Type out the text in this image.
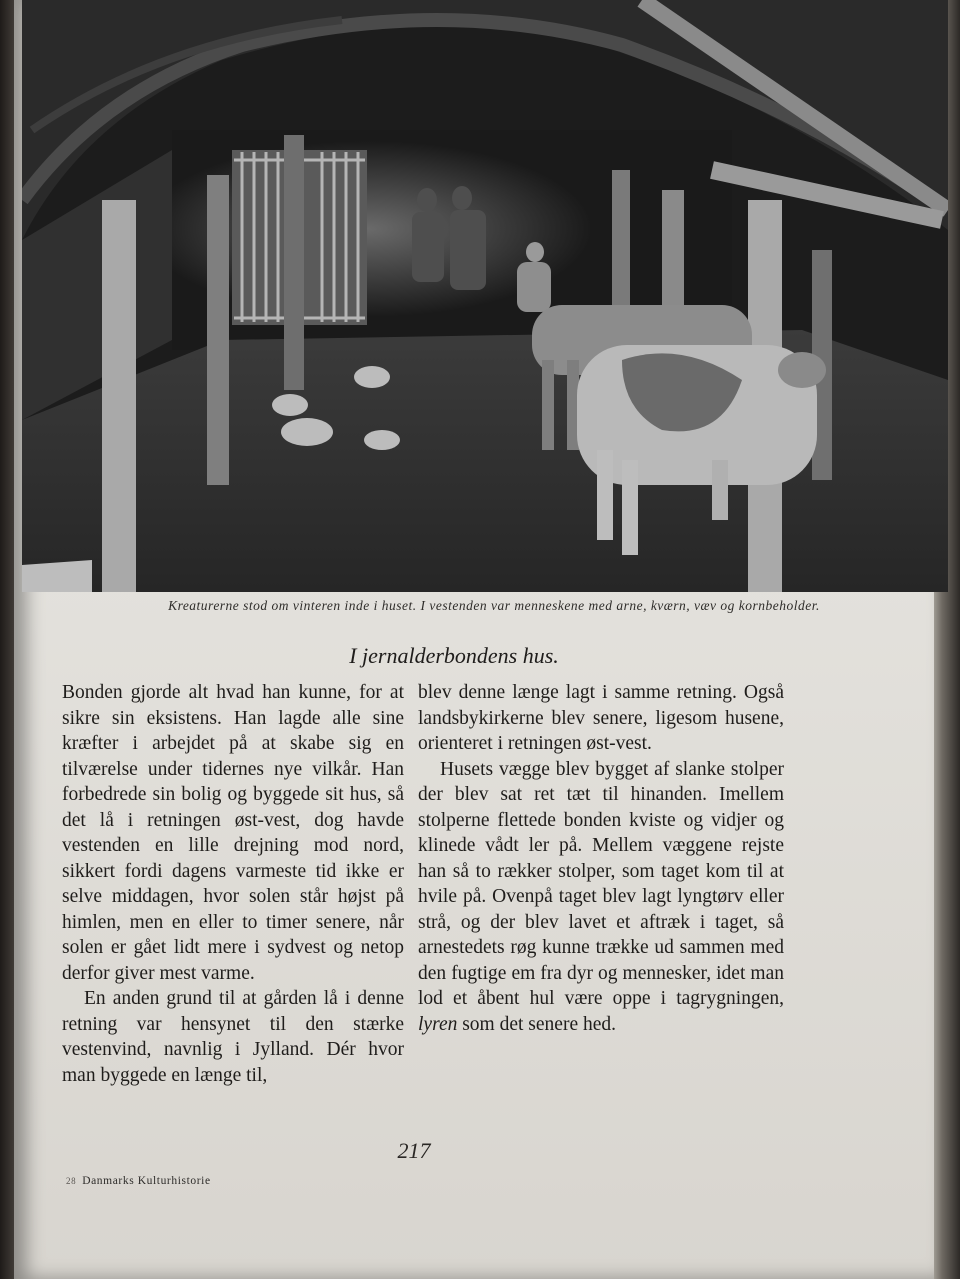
Kreaturerne stod om vinteren inde i huset. I vestenden var menneskene med arne, kværn, væv og kornbeholder.
I jernalderbondens hus.

Bonden gjorde alt hvad han kunne, for at sikre sin eksistens. Han lagde alle sine kræfter i arbejdet på at skabe sig en tilværelse under tidernes nye vilkår. Han forbedrede sin bolig og byggede sit hus, så det lå i retningen øst-vest, dog havde vestenden en lille drejning mod nord, sikkert fordi dagens varmeste tid ikke er selve middagen, hvor solen står højst på himlen, men en eller to timer senere, når solen er gået lidt mere i sydvest og netop derfor giver mest varme.

En anden grund til at gården lå i denne retning var hensynet til den stærke vestenvind, navnlig i Jylland. Dér hvor man byggede en længe til,

blev denne længe lagt i samme retning. Også landsbykirkerne blev senere, ligesom husene, orienteret i retningen øst-vest.

Husets vægge blev bygget af slanke stolper der blev sat ret tæt til hinanden. Imellem stolperne flettede bonden kviste og vidjer og klinede vådt ler på. Mellem væggene rejste han så to rækker stolper, som taget kom til at hvile på. Ovenpå taget blev lagt lyngtørv eller strå, og der blev lavet et aftræk i taget, så arnestedets røg kunne trække ud sammen med den fugtige em fra dyr og mennesker, idet man lod et åbent hul være oppe i tagrygningen, lyren som det senere hed.

217
28 Danmarks Kulturhistorie
